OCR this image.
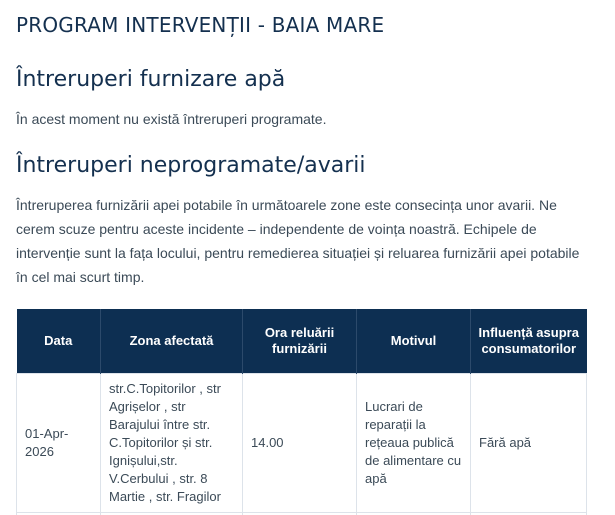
PROGRAM INTERVENȚII - BAIA MARE
Întreruperi furnizare apă

În acest moment nu există întreruperi programate.

Întreruperi neprogramate/avarii

Întreruperea furnizării apei potabile în următoarele zone este consecința unor avarii. Ne cerem scuze pentru aceste incidente – independente de voința noastră. Echipele de intervenție sunt la fața locului, pentru remedierea situației și reluarea furnizării apei potabile în cel mai scurt timp.

Data	Zona afectată	Ora reluării furnizării	Motivul	Influență asupra consumatorilor
01-Apr-2026	str.C.Topitorilor , str Agrișelor , str Barajului între str. C.Topitorilor și str. Ignișului,str. V.Cerbului , str. 8 Martie , str. Fragilor	14.00	Lucrari de reparații la rețeaua publică de alimentare cu apă	Fără apă
